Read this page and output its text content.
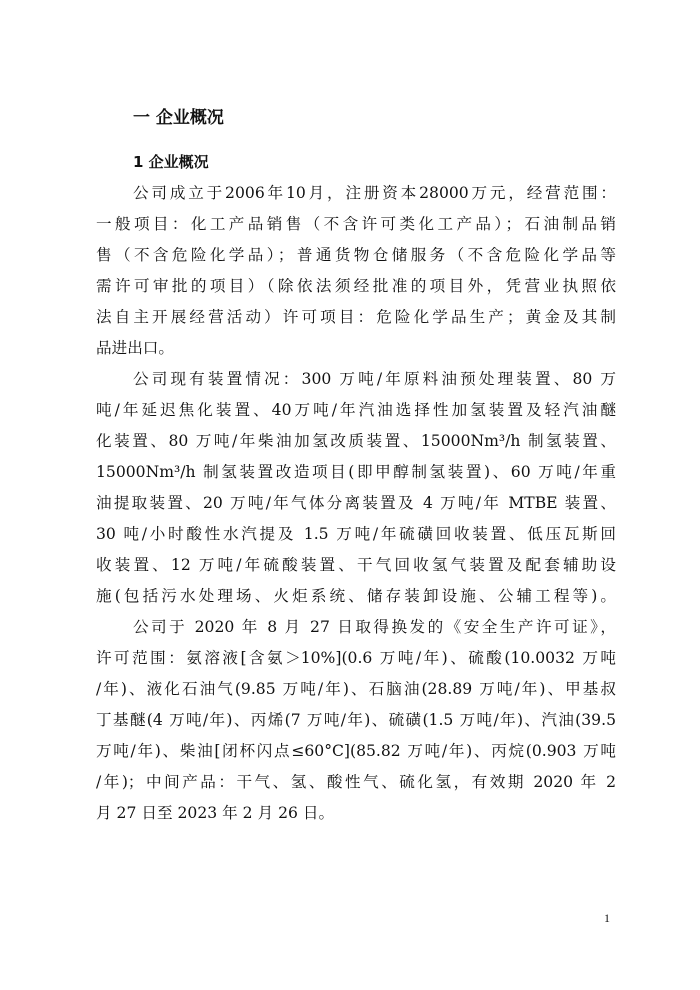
一 企业概况
1 企业概况
公司成立于2006年10月，注册资本28000万元，经营范围：
一般项目：化工产品销售（不含许可类化工产品）；石油制品销
售（不含危险化学品）；普通货物仓储服务（不含危险化学品等
需许可审批的项目）（除依法须经批准的项目外，凭营业执照依
法自主开展经营活动）许可项目：危险化学品生产；黄金及其制
品进出口。
公司现有装置情况：300 万吨/年原料油预处理装置、80 万
吨/年延迟焦化装置、40万吨/年汽油选择性加氢装置及轻汽油醚
化装置、80 万吨/年柴油加氢改质装置、15000Nm³/h 制氢装置、
15000Nm³/h 制氢装置改造项目(即甲醇制氢装置)、60 万吨/年重
油提取装置、20 万吨/年气体分离装置及 4 万吨/年 MTBE 装置、
30 吨/小时酸性水汽提及 1.5 万吨/年硫磺回收装置、低压瓦斯回
收装置、12 万吨/年硫酸装置、干气回收氢气装置及配套辅助设
施(包括污水处理场、火炬系统、储存装卸设施、公辅工程等)。
公司于 2020 年 8 月 27 日取得换发的《安全生产许可证》，
许可范围：氨溶液[含氨＞10%](0.6 万吨/年)、硫酸(10.0032 万吨
/年)、液化石油气(9.85 万吨/年)、石脑油(28.89 万吨/年)、甲基叔
丁基醚(4 万吨/年)、丙烯(7 万吨/年)、硫磺(1.5 万吨/年)、汽油(39.5
万吨/年)、柴油[闭杯闪点≤60°C](85.82 万吨/年)、丙烷(0.903 万吨
/年)；中间产品：干气、氢、酸性气、硫化氢，有效期 2020 年 2
月 27 日至 2023 年 2 月 26 日。
1
